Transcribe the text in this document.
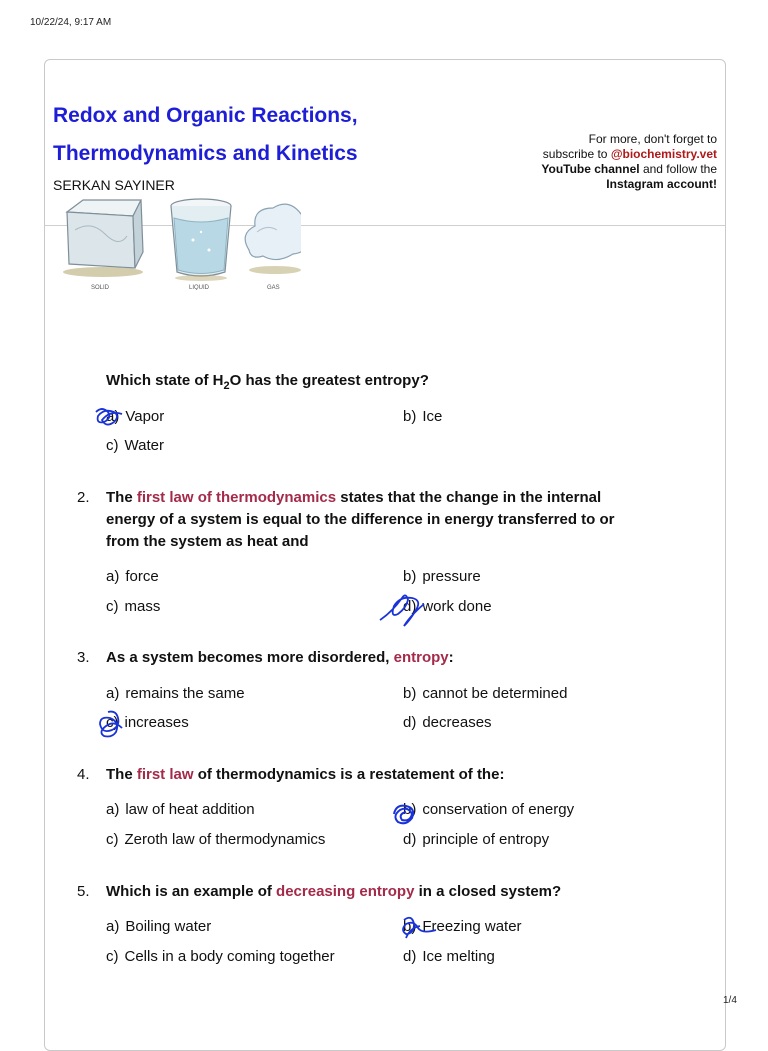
10/22/24, 9:17 AM
Redox and Organic Reactions,
Thermodynamics and Kinetics
SERKAN SAYINER
For more, don't forget to
subscribe to @biochemistry.vet
YouTube channel and follow the
Instagram account!
SOLID	LIQUID	GAS
Which state of $H_2O$ has the greatest entropy?
a) Vapor	b) Ice
c) Water
2. The first law of thermodynamics states that the change in the internal
energy of a system is equal to the difference in energy transferred to or
from the system as heat and
a) force	b) pressure
c) mass	d) work done
3. As a system becomes more disordered, entropy:
a) remains the same	b) cannot be determined
c) increases	d) decreases
4. The first law of thermodynamics is a restatement of the:
a) law of heat addition	b) conservation of energy
c) Zeroth law of thermodynamics	d) principle of entropy
5. Which is an example of decreasing entropy in a closed system?
a) Boiling water	b) Freezing water
c) Cells in a body coming together	d) Ice melting
1/4
